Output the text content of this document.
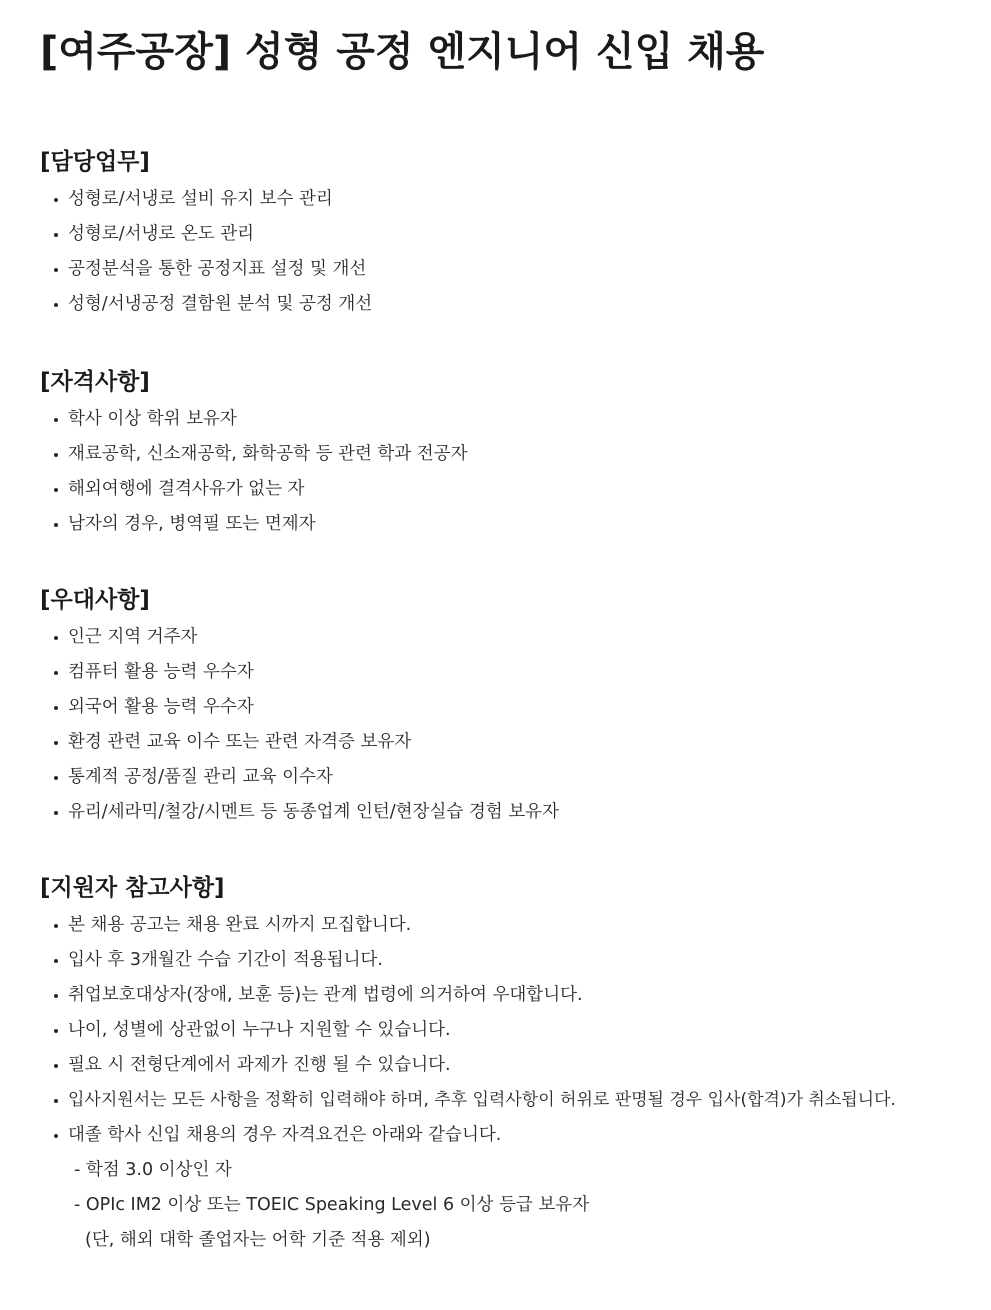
[여주공장] 성형 공정 엔지니어 신입 채용
[담당업무]
성형로/서냉로 설비 유지 보수 관리
성형로/서냉로 온도 관리
공정분석을 통한 공정지표 설정 및 개선
성형/서냉공정 결함원 분석 및 공정 개선
[자격사항]
학사 이상 학위 보유자
재료공학, 신소재공학, 화학공학 등 관련 학과 전공자
해외여행에 결격사유가 없는 자
남자의 경우, 병역필 또는 면제자
[우대사항]
인근 지역 거주자
컴퓨터 활용 능력 우수자
외국어 활용 능력 우수자
환경 관련 교육 이수 또는 관련 자격증 보유자
통계적 공정/품질 관리 교육 이수자
유리/세라믹/철강/시멘트 등 동종업계 인턴/현장실습 경험 보유자
[지원자 참고사항]
본 채용 공고는 채용 완료 시까지 모집합니다.
입사 후 3개월간 수습 기간이 적용됩니다.
취업보호대상자(장애, 보훈 등)는 관계 법령에 의거하여 우대합니다.
나이, 성별에 상관없이 누구나 지원할 수 있습니다.
필요 시 전형단계에서 과제가 진행 될 수 있습니다.
입사지원서는 모든 사항을 정확히 입력해야 하며, 추후 입력사항이 허위로 판명될 경우 입사(합격)가 취소됩니다.
대졸 학사 신입 채용의 경우 자격요건은 아래와 같습니다.
- 학점 3.0 이상인 자
- OPIc IM2 이상 또는 TOEIC Speaking Level 6 이상 등급 보유자
(단, 해외 대학 졸업자는 어학 기준 적용 제외)
